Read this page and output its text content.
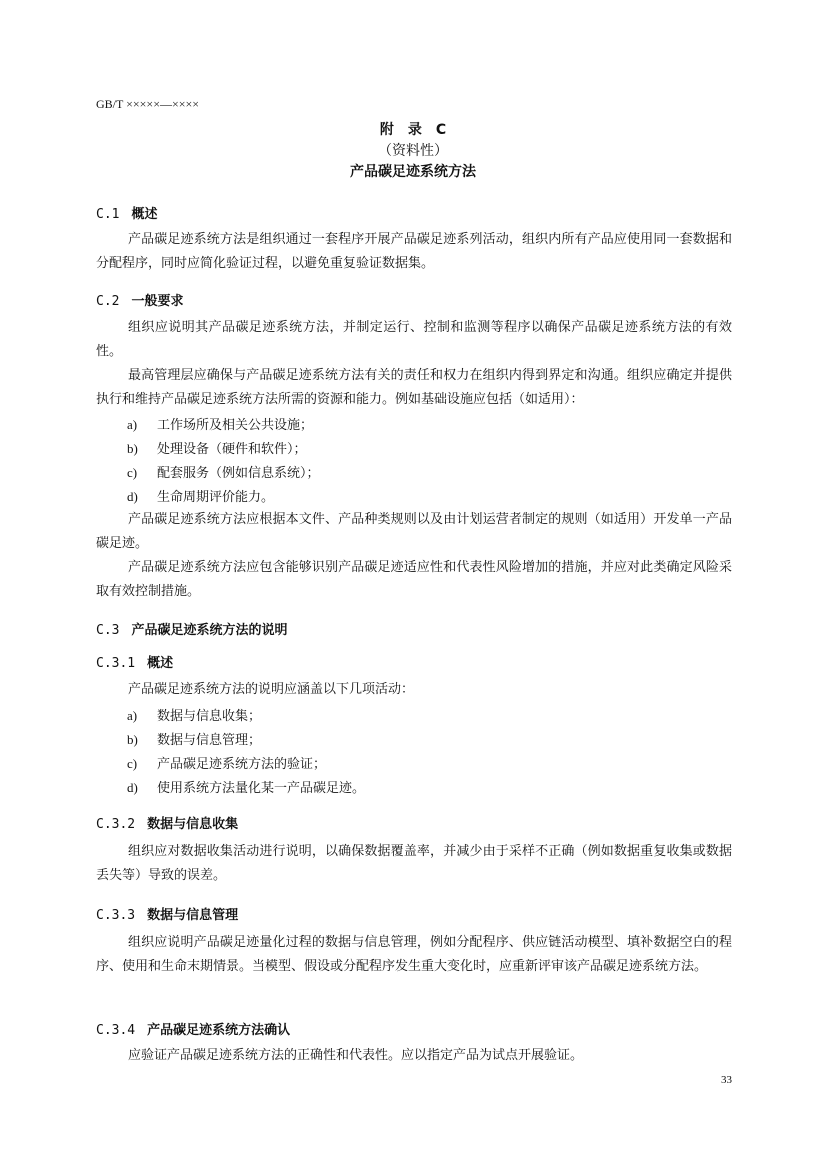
GB/T ×××××—××××
附　录　C
（资料性）
产品碳足迹系统方法
C.1 概述
产品碳足迹系统方法是组织通过一套程序开展产品碳足迹系列活动，组织内所有产品应使用同一套数据和分配程序，同时应简化验证过程，以避免重复验证数据集。
C.2 一般要求
组织应说明其产品碳足迹系统方法，并制定运行、控制和监测等程序以确保产品碳足迹系统方法的有效性。
最高管理层应确保与产品碳足迹系统方法有关的责任和权力在组织内得到界定和沟通。组织应确定并提供执行和维持产品碳足迹系统方法所需的资源和能力。例如基础设施应包括（如适用）：
a) 工作场所及相关公共设施；
b) 处理设备（硬件和软件）；
c) 配套服务（例如信息系统）；
d) 生命周期评价能力。
产品碳足迹系统方法应根据本文件、产品种类规则以及由计划运营者制定的规则（如适用）开发单一产品碳足迹。
产品碳足迹系统方法应包含能够识别产品碳足迹适应性和代表性风险增加的措施，并应对此类确定风险采取有效控制措施。
C.3 产品碳足迹系统方法的说明
C.3.1 概述
产品碳足迹系统方法的说明应涵盖以下几项活动：
a) 数据与信息收集；
b) 数据与信息管理；
c) 产品碳足迹系统方法的验证；
d) 使用系统方法量化某一产品碳足迹。
C.3.2 数据与信息收集
组织应对数据收集活动进行说明，以确保数据覆盖率，并减少由于采样不正确（例如数据重复收集或数据丢失等）导致的误差。
C.3.3 数据与信息管理
组织应说明产品碳足迹量化过程的数据与信息管理，例如分配程序、供应链活动模型、填补数据空白的程序、使用和生命末期情景。当模型、假设或分配程序发生重大变化时，应重新评审该产品碳足迹系统方法。
C.3.4 产品碳足迹系统方法确认
应验证产品碳足迹系统方法的正确性和代表性。应以指定产品为试点开展验证。
33
